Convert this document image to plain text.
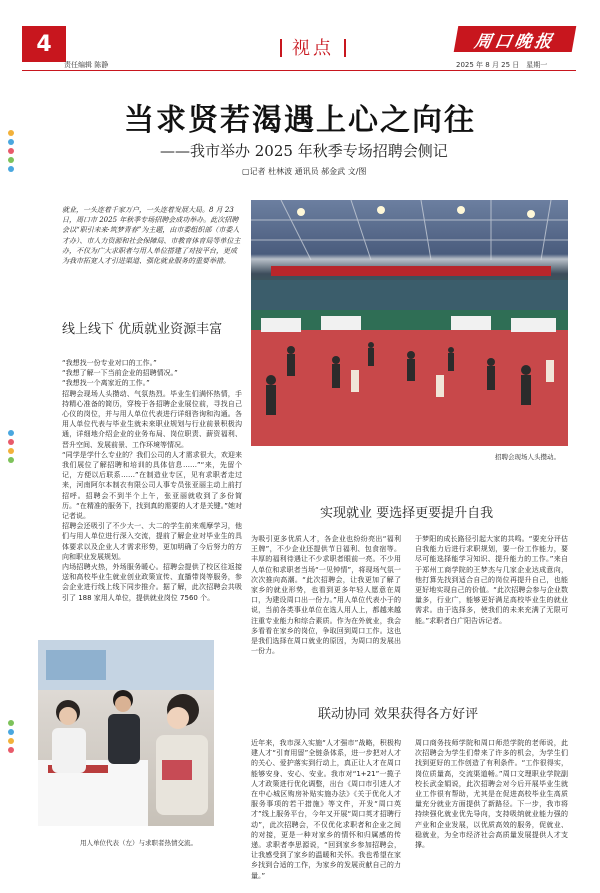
4	视点	周口晚报
责任编辑 陈静	2025 年 8 月 25 日　星期一
当求贤若渴遇上心之向往
——我市举办 2025 年秋季专场招聘会侧记
▢记者 杜林波 通讯员 郝金武 文/图
就业，一头连着千家万户，一头连着发展大局。8 月 23 日，周口市 2025 年秋季专场招聘会成功举办。此次招聘会以“职引未来·筑梦青春”为主题，由市委组织部（市委人才办）、市人力资源和社会保障局、市教育体育局等单位主办，不仅为广大求职者与用人单位搭建了对接平台，更成为我市拓宽人才引进渠道、强化就业服务的重要举措。
线上线下 优质就业资源丰富

“我想找一份专业对口的工作。”

“我想了解一下当前企业的招聘情况。”

“我想找一个离家近的工作。”

招聘会现场人头攒动、气氛热烈。毕业生们满怀热情，手持精心准备的简历，穿梭于各招聘企业展位前，寻找自己心仪的岗位，并与用人单位代表进行详细咨询和沟通。各用人单位代表与毕业生就未来职业规划与行业前景积极沟通，详细地介绍企业的业务布局、岗位职责、薪资福利、晋升空间、发展前景、工作环境等情况。

“同学是学什么专业的？我们公司的人才需求很大，欢迎来我们展位了解招聘和培训的具体信息……”“来，先留个记，方便以后联系……”在制造业专区，见有求职者走过来，河南阿尔本制衣有限公司人事专员张亚丽主动上前打招呼。招聘会不到半个上午，张亚丽就收到了多份简历。“在精准的服务下，找到真的需要的人才是关键。”她对记者说。

招聘会还吸引了不少大一、大二的学生前来观摩学习，他们与用人单位进行深入交流，提前了解企业对毕业生的具体要求以及企业人才需求形势，更加明确了今后努力的方向和职业发展规划。

内场招聘火热，外场服务暖心。招聘会提供了校区往返接送和高校毕业生就业创业政策宣传、直播带岗等服务，参会企业进行线上线下同步推介。据了解，此次招聘会共吸引了 188 家用人单位，提供就业岗位 7560 个。

招聘会现场人头攒动。
实现就业 要选择更要提升自我
为吸引更多优质人才，各企业也纷纷亮出“福利王牌”，不少企业还提供节日福利、包食宿等。丰厚的福利待遇让不少求职者眼前一亮。不少用人单位和求职者当场“一见钟情”，将现场气氛一次次推向高潮。“此次招聘会，让我更加了解了家乡的就业形势，也看到更多年轻人愿意在周口，为建设周口出一份力。”用人单位代表小于的说，当前各类事业单位在选人用人上，都越来越注重专业能力和综合素质。作为在外就业，我会多看看在家乡的岗位，争取回到周口工作。这也是我们选择在周口就业的原因，为周口的发展出一份力。
于梦阳的成长路径引起大家的共鸣。“要充分评估自我能力后进行求职规划，要一份工作能力，要尽可能选择能学习知识、提升能力的工作。”来自于郑州工商学院的王梦杰与几家企业达成意向，他打算先找到适合自己的岗位再提升自己，也能更好地实现自己的价值。“此次招聘会参与企业数量多，行业广，能够更好满足高校毕业生的就业需求。由于选择多，使我们的未来充满了无限可能。”求职者白广阳告诉记者。
联动协同 效果获得各方好评
近年来，我市深入实施“人才强市”战略，积极构建人才“引育用留”全链条体系，进一步把对人才的关心、爱护落实到行动上，真正让人才在周口能够安身、安心、安业。我市对“1+21”一揽子人才政策进行优化调整，出台《周口市引进人才在中心城区购房补贴实施办法》《关于优化人才服务事项的若干措施》等文件，开发“周口英才”线上服务平台，今年又开展“周口英才招聘行动”，此次招聘会，不仅优化求职者和企业之间的对接，更是一种对家乡的情怀和归属感的传递。求职者李思源说，“回到家乡参加招聘会，让我感受到了家乡的温暖和关怀。我也希望在家乡找到合适的工作，为家乡的发展贡献自己的力量。”
周口商务技师学院和周口师范学院的老师说，此次招聘会为学生们带来了许多的机会，为学生们找到更好的工作创造了有利条件。“工作很得实，岗位质量高，交流渠道畅。”周口文理职业学院副校长武金娟说，此次招聘会对今后开展毕业生就业工作很有帮助，尤其是在促进高校毕业生高质量充分就业方面提供了新路径。下一步，我市将持续强化就业优先导向，支持吸纳就业能力强的产业和企业发展，以优质高效的服务，促就业、稳就业，为全市经济社会高质量发展提供人才支撑。
用人单位代表（左）与求职者热情交流。
